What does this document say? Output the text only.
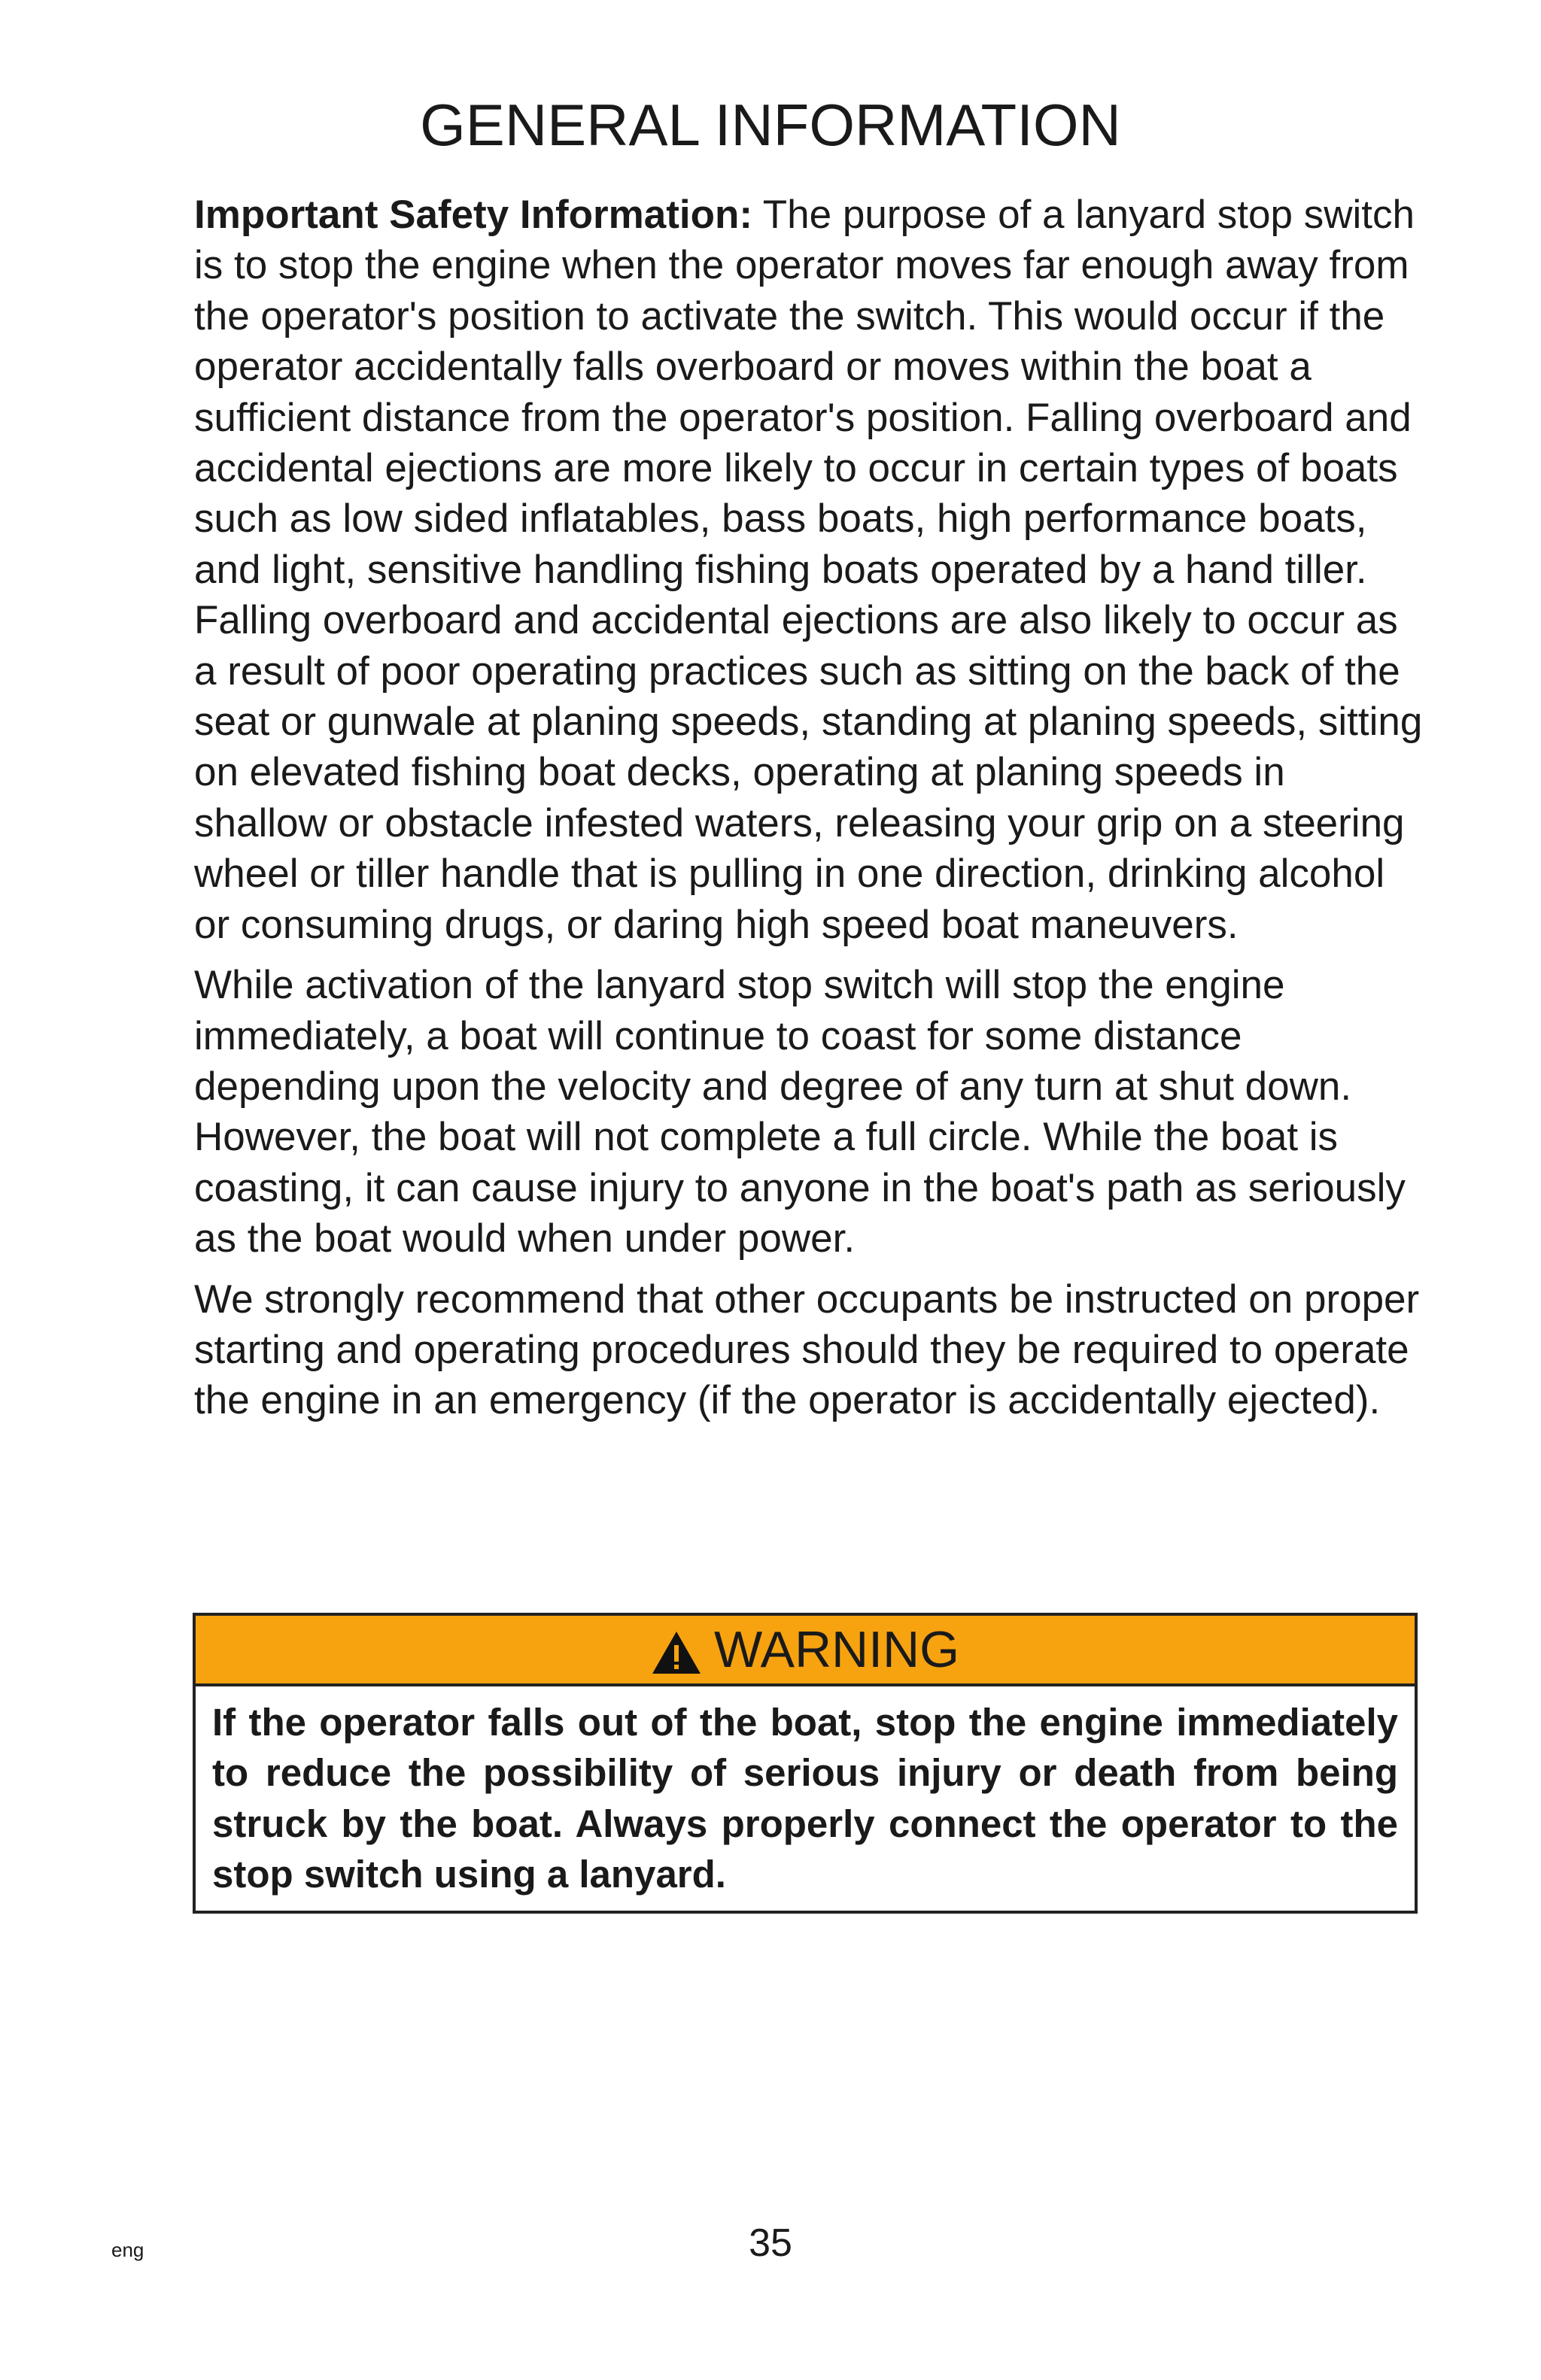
GENERAL INFORMATION

Important Safety Information: The purpose of a lanyard stop switch is to stop the engine when the operator moves far enough away from the operator's position to activate the switch. This would occur if the operator accidentally falls overboard or moves within the boat a sufficient distance from the operator's position. Falling overboard and accidental ejections are more likely to occur in certain types of boats such as low sided inflatables, bass boats, high performance boats, and light, sensitive handling fishing boats operated by a hand tiller. Falling overboard and accidental ejections are also likely to occur as a result of poor operating practices such as sitting on the back of the seat or gunwale at planing speeds, standing at planing speeds, sitting on elevated fishing boat decks, operating at planing speeds in shallow or obstacle infested waters, releasing your grip on a steering wheel or tiller handle that is pulling in one direction, drinking alcohol or consuming drugs, or daring high speed boat maneuvers.

While activation of the lanyard stop switch will stop the engine immediately, a boat will continue to coast for some distance depending upon the velocity and degree of any turn at shut down. However, the boat will not complete a full circle. While the boat is coasting, it can cause injury to anyone in the boat's path as seriously as the boat would when under power.

We strongly recommend that other occupants be instructed on proper starting and operating procedures should they be required to operate the engine in an emergency (if the operator is accidentally ejected).

WARNING
If the operator falls out of the boat, stop the engine immediately to reduce the possibility of serious injury or death from being struck by the boat. Always properly connect the operator to the stop switch using a lanyard.
eng	35
